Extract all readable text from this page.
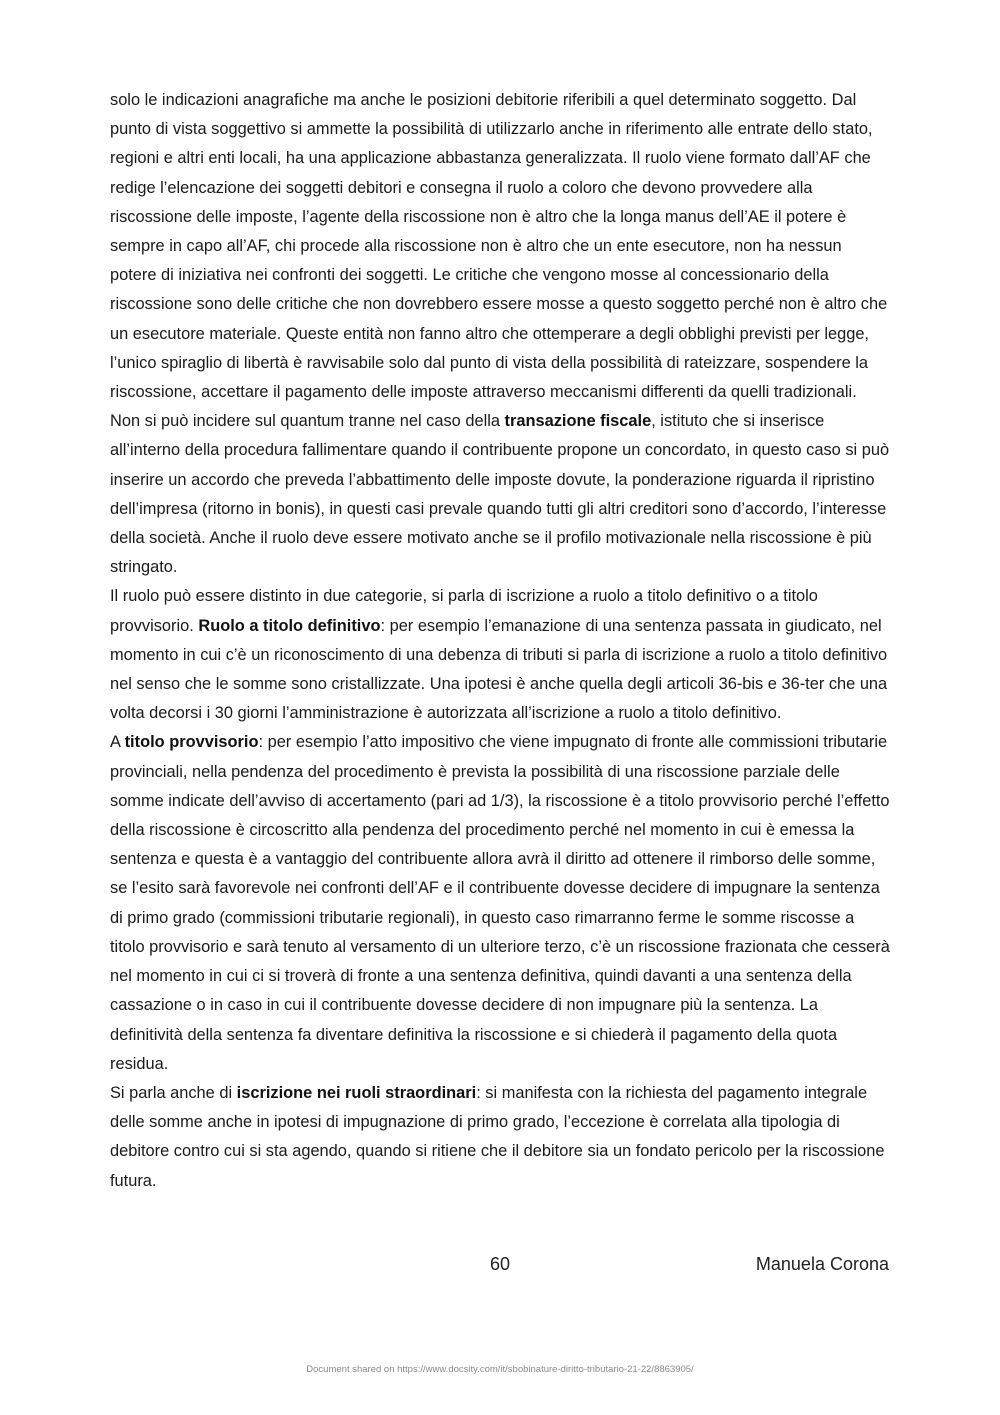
solo le indicazioni anagrafiche ma anche le posizioni debitorie riferibili a quel determinato soggetto. Dal punto di vista soggettivo si ammette la possibilità di utilizzarlo anche in riferimento alle entrate dello stato, regioni e altri enti locali, ha una applicazione abbastanza generalizzata. Il ruolo viene formato dall’AF che redige l’elencazione dei soggetti debitori e consegna il ruolo a coloro che devono provvedere alla riscossione delle imposte, l’agente della riscossione non è altro che la longa manus dell’AE il potere è sempre in capo all’AF, chi procede alla riscossione non è altro che un ente esecutore, non ha nessun potere di iniziativa nei confronti dei soggetti. Le critiche che vengono mosse al concessionario della riscossione sono delle critiche che non dovrebbero essere mosse a questo soggetto perché non è altro che un esecutore materiale. Queste entità non fanno altro che ottemperare a degli obblighi previsti per legge, l’unico spiraglio di libertà è ravvisabile solo dal punto di vista della possibilità di rateizzare, sospendere la riscossione, accettare il pagamento delle imposte attraverso meccanismi differenti da quelli tradizionali. Non si può incidere sul quantum tranne nel caso della transazione fiscale, istituto che si inserisce all’interno della procedura fallimentare quando il contribuente propone un concordato, in questo caso si può inserire un accordo che preveda l’abbattimento delle imposte dovute, la ponderazione riguarda il ripristino dell’impresa (ritorno in bonis), in questi casi prevale quando tutti gli altri creditori sono d’accordo, l’interesse della società. Anche il ruolo deve essere motivato anche se il profilo motivazionale nella riscossione è più stringato.

Il ruolo può essere distinto in due categorie, si parla di iscrizione a ruolo a titolo definitivo o a titolo provvisorio. Ruolo a titolo definitivo: per esempio l’emanazione di una sentenza passata in giudicato, nel momento in cui c’è un riconoscimento di una debenza di tributi si parla di iscrizione a ruolo a titolo definitivo nel senso che le somme sono cristallizzate. Una ipotesi è anche quella degli articoli 36-bis e 36-ter che una volta decorsi i 30 giorni l’amministrazione è autorizzata all’iscrizione a ruolo a titolo definitivo.

A titolo provvisorio: per esempio l’atto impositivo che viene impugnato di fronte alle commissioni tributarie provinciali, nella pendenza del procedimento è prevista la possibilità di una riscossione parziale delle somme indicate dell’avviso di accertamento (pari ad 1/3), la riscossione è a titolo provvisorio perché l’effetto della riscossione è circoscritto alla pendenza del procedimento perché nel momento in cui è emessa la sentenza e questa è a vantaggio del contribuente allora avrà il diritto ad ottenere il rimborso delle somme, se l’esito sarà favorevole nei confronti dell’AF e il contribuente dovesse decidere di impugnare la sentenza di primo grado (commissioni tributarie regionali), in questo caso rimarranno ferme le somme riscosse a titolo provvisorio e sarà tenuto al versamento di un ulteriore terzo, c’è un riscossione frazionata che cesserà nel momento in cui ci si troverà di fronte a una sentenza definitiva, quindi davanti a una sentenza della cassazione o in caso in cui il contribuente dovesse decidere di non impugnare più la sentenza. La definitività della sentenza fa diventare definitiva la riscossione e si chiederà il pagamento della quota residua.

Si parla anche di iscrizione nei ruoli straordinari: si manifesta con la richiesta del pagamento integrale delle somme anche in ipotesi di impugnazione di primo grado, l’eccezione è correlata alla tipologia di debitore contro cui si sta agendo, quando si ritiene che il debitore sia un fondato pericolo per la riscossione futura.

60	Manuela Corona
Document shared on https://www.docsity.com/it/sbobinature-diritto-tributario-21-22/8863905/
